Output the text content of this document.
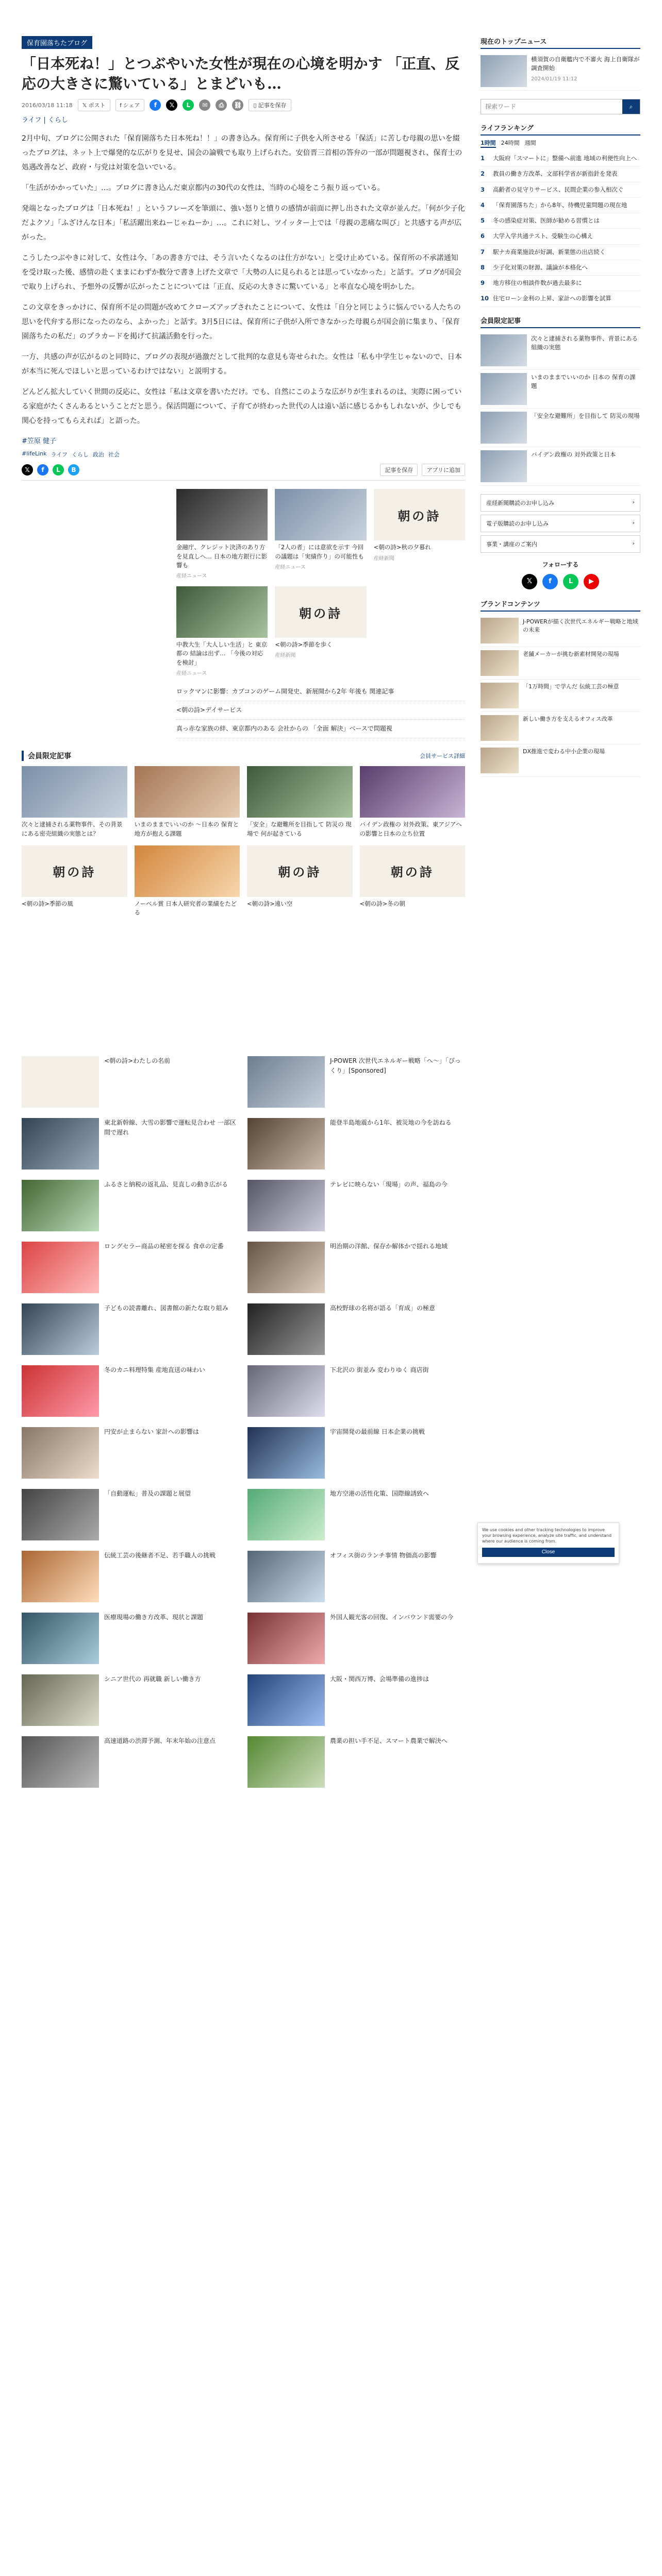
保育園落ちたブログ
「日本死ね！」とつぶやいた女性が現在の心境を明かす 「正直、反応の大きさに驚いている」とまどいも…
2016/03/18 11:18	𝕏 ポスト	f シェア	f	𝕏	L	✉	⎙	⛓	▯ 記事を保存
ライフ | くらし

2月中旬、ブログに公開された「保育園落ちた日本死ね！！」の書き込み。保育所に子供を入所させる「保活」に苦しむ母親の思いを綴ったブログは、ネット上で爆発的な広がりを見せ、国会の論戦でも取り上げられた。安倍晋三首相の答弁の一部が問題視され、保育士の処遇改善など、政府・与党は対策を急いでいる。

「生活がかかっていた」…。ブログに書き込んだ東京都内の30代の女性は、当時の心境をこう振り返っている。

発端となったブログは「日本死ね！」というフレーズを筆頭に、強い怒りと憤りの感情が前面に押し出された文章が並んだ。「何が少子化だよクソ」「ふざけんな日本」「私活躍出来ねーじゃねーか」…。これに対し、ツイッター上では「母親の悲痛な叫び」と共感する声が広がった。

こうしたつぶやきに対して、女性は今、「あの書き方では、そう言いたくなるのは仕方がない」と受け止めている。保育所の不承諾通知を受け取った後、感情の赴くままにわずか数分で書き上げた文章で「大勢の人に見られるとは思っていなかった」と話す。ブログが国会で取り上げられ、予想外の反響が広がったことについては「正直、反応の大きさに驚いている」と率直な心境を明かした。

この文章をきっかけに、保育所不足の問題が改めてクローズアップされたことについて、女性は「自分と同じように悩んでいる人たちの思いを代弁する形になったのなら、よかった」と話す。3月5日には、保育所に子供が入所できなかった母親らが国会前に集まり、「保育園落ちたの私だ」のプラカードを掲げて抗議活動を行った。

一方、共感の声が広がるのと同時に、ブログの表現が過激だとして批判的な意見も寄せられた。女性は「私も中学生じゃないので、日本が本当に死んでほしいと思っているわけではない」と説明する。

どんどん拡大していく世間の反応に、女性は「私は文章を書いただけ。でも、自然にこのような広がりが生まれるのは、実際に困っている家庭がたくさんあるということだと思う。保活問題について、子育てが終わった世代の人は遠い話に感じるかもしれないが、少しでも関心を持ってもらえれば」と語った。

#笠原 健子
#lifeLink ライフ くらし 政治 社会
𝕏	f	L	B	記事を保存	アプリに追加
金融庁、クレジット決済のあり方を見直しへ… 日本の地方銀行に影響も
産経ニュース
「2人の者」には意欲を示す 今回の議題は「実績作り」の可能性も
産経ニュース
朝の詩
<朝の詩>秋の夕暮れ
産経新聞
中教大生「大人しい生活」と 東京都の 結論は出ず… 「今後の対応を検討」
産経ニュース
朝の詩
<朝の詩>季節を歩く
産経新聞
ロックマンに影響：カプコンのゲーム開発史、新展開から2年 年後も 関連記事
<朝の詩>デイサービス
真っ赤な家族の絆、東京都内のある 会社からの 「全面 解決」ベースで問題視
会員限定記事	会員サービス詳細
次々と逮捕される薬物事件、その背景にある密売組織の実態とは？
いまのままでいいのか ～日本の 保育と 地方が抱える課題
「安全」な避難所を目指して 防災の 現場で 何が起きている
バイデン政権の 対外政策、東アジアへの影響と日本の立ち位置
朝の詩
<朝の詩>季節の風	ノーベル賞 日本人研究者の業績をたどる
朝の詩
<朝の詩>遠い空
朝の詩
<朝の詩>冬の朝
<朝の詩>わたしの名前	J-POWER 次世代エネルギー戦略「へ～」「ぴっくり」[Sponsored]
東北新幹線、大雪の影響で運転見合わせ 一部区間で遅れ
能登半島地震から1年、被災地の今を訪ねる
ふるさと納税の返礼品、見直しの動き広がる	テレビに映らない「現場」の声、福島の今
ロングセラー商品の秘密を探る 食卓の定番	明治期の洋館、保存か解体かで揺れる地域
子どもの読書離れ、図書館の新たな取り組み	高校野球の名将が語る「育成」の極意
冬のカニ料理特集 産地直送の味わい	下北沢の 街並み 変わりゆく 商店街
円安が止まらない 家計への影響は	宇宙開発の最前線 日本企業の挑戦
「自動運転」普及の課題と展望	地方空港の活性化策、国際線誘致へ
伝統工芸の後継者不足、若手職人の挑戦	オフィス街のランチ事情 物価高の影響
医療現場の働き方改革、現状と課題	外国人観光客の回復、インバウンド需要の今
シニア世代の 再就職 新しい働き方	大阪・関西万博、会場準備の進捗は
高速道路の渋滞予測、年末年始の注意点	農業の担い手不足、スマート農業で解決へ
現在のトップニュース
横須賀の自衛艦内で不審火 海上自衛隊が調査開始
2024/01/19 11:12
探索ワード
⌕
ライフランキング
1時間 24時間 週間
1	大阪府「スマートに」整備へ前進 地域の利便性向上へ
2	教員の働き方改革、文部科学省が新指針を発表
3	高齢者の見守りサービス、民間企業の参入相次ぐ
4	「保育園落ちた」から8年、待機児童問題の現在地
5	冬の感染症対策、医師が勧める習慣とは
6	大学入学共通テスト、受験生の心構え
7	駅ナカ商業施設が好調、新業態の出店続く
8	少子化対策の財源、議論が本格化へ
9	地方移住の相談件数が過去最多に
10 住宅ローン金利の上昇、家計への影響を試算
会員限定記事
次々と逮捕される薬物事件、背景にある組織の実態
いまのままでいいのか 日本の 保育の課題
「安全な避難所」を目指して 防災の現場
バイデン政権の 対外政策と日本
産経新聞購読のお申し込み	›
電子版購読のお申し込み	›
事業・講座のご案内	›
フォローする
𝕏	f	L	▶
ブランドコンテンツ
J-POWERが描く次世代エネルギー戦略と地域の未来
老舗メーカーが挑む新素材開発の現場
「1万時間」で学んだ 伝統工芸の極意
新しい働き方を支えるオフィス改革
DX推進で変わる中小企業の現場
We use cookies and other tracking technologies to improve your browsing experience, analyze site traffic, and understand where our audience is coming from.
Close
